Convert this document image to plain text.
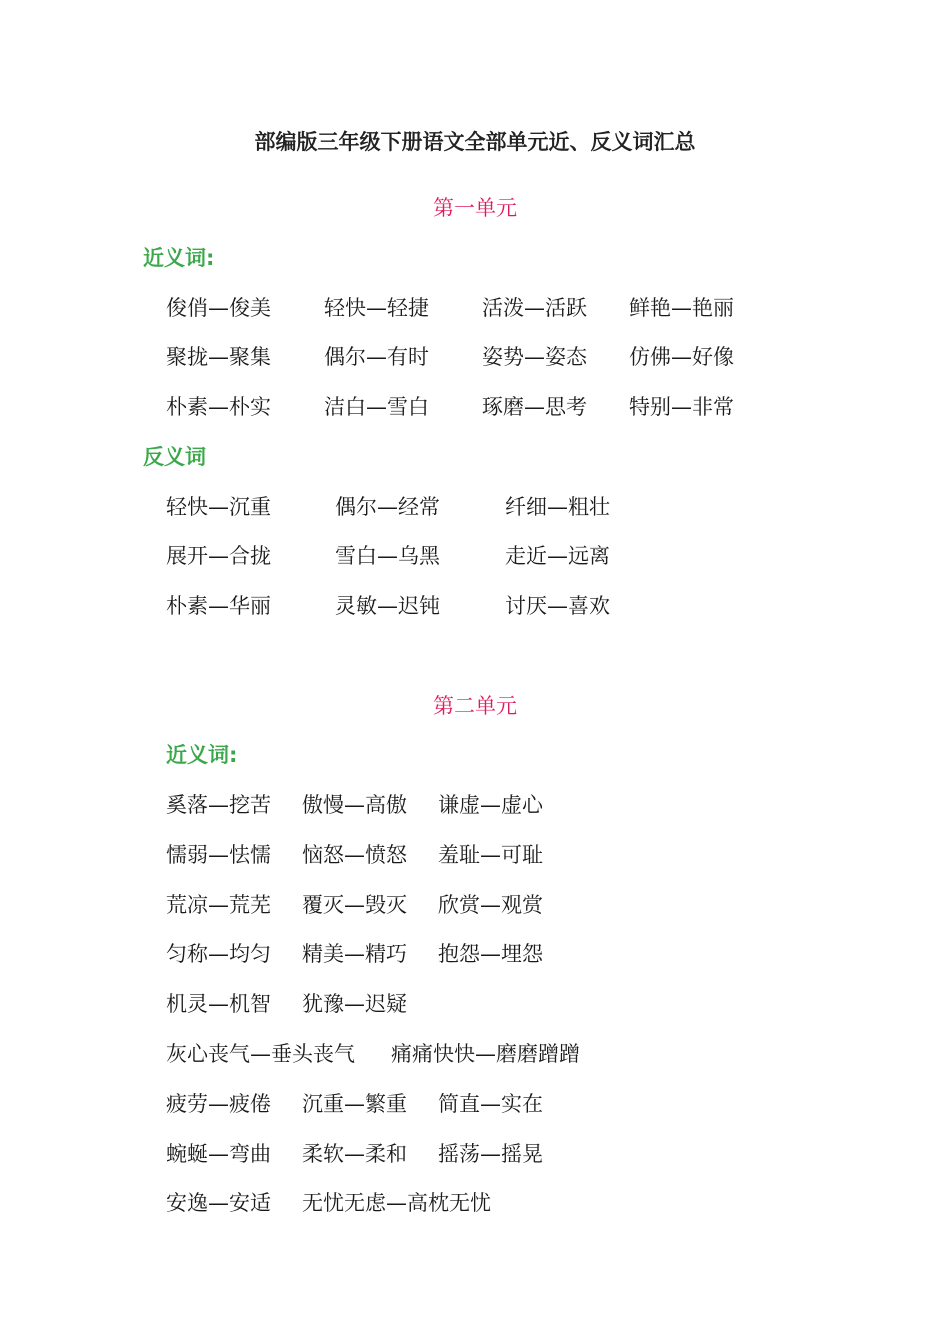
部编版三年级下册语文全部单元近、反义词汇总
第一单元
近义词:
俊俏—俊美	轻快—轻捷	活泼—活跃 鲜艳—艳丽
聚拢—聚集	偶尔—有时	姿势—姿态 仿佛—好像
朴素—朴实	洁白—雪白	琢磨—思考 特别—非常
反义词
轻快—沉重	偶尔—经常	纤细—粗壮
展开—合拢	雪白—乌黑	走近—远离
朴素—华丽	灵敏—迟钝	讨厌—喜欢
第二单元
近义词:
奚落—挖苦 傲慢—高傲 谦虚—虚心
懦弱—怯懦 恼怒—愤怒 羞耻—可耻
荒凉—荒芜 覆灭—毁灭 欣赏—观赏
匀称—均匀 精美—精巧 抱怨—埋怨
机灵—机智 犹豫—迟疑
灰心丧气—垂头丧气 痛痛快快—磨磨蹭蹭
疲劳—疲倦 沉重—繁重 简直—实在
蜿蜒—弯曲 柔软—柔和 摇荡—摇晃
安逸—安适 无忧无虑—高枕无忧
